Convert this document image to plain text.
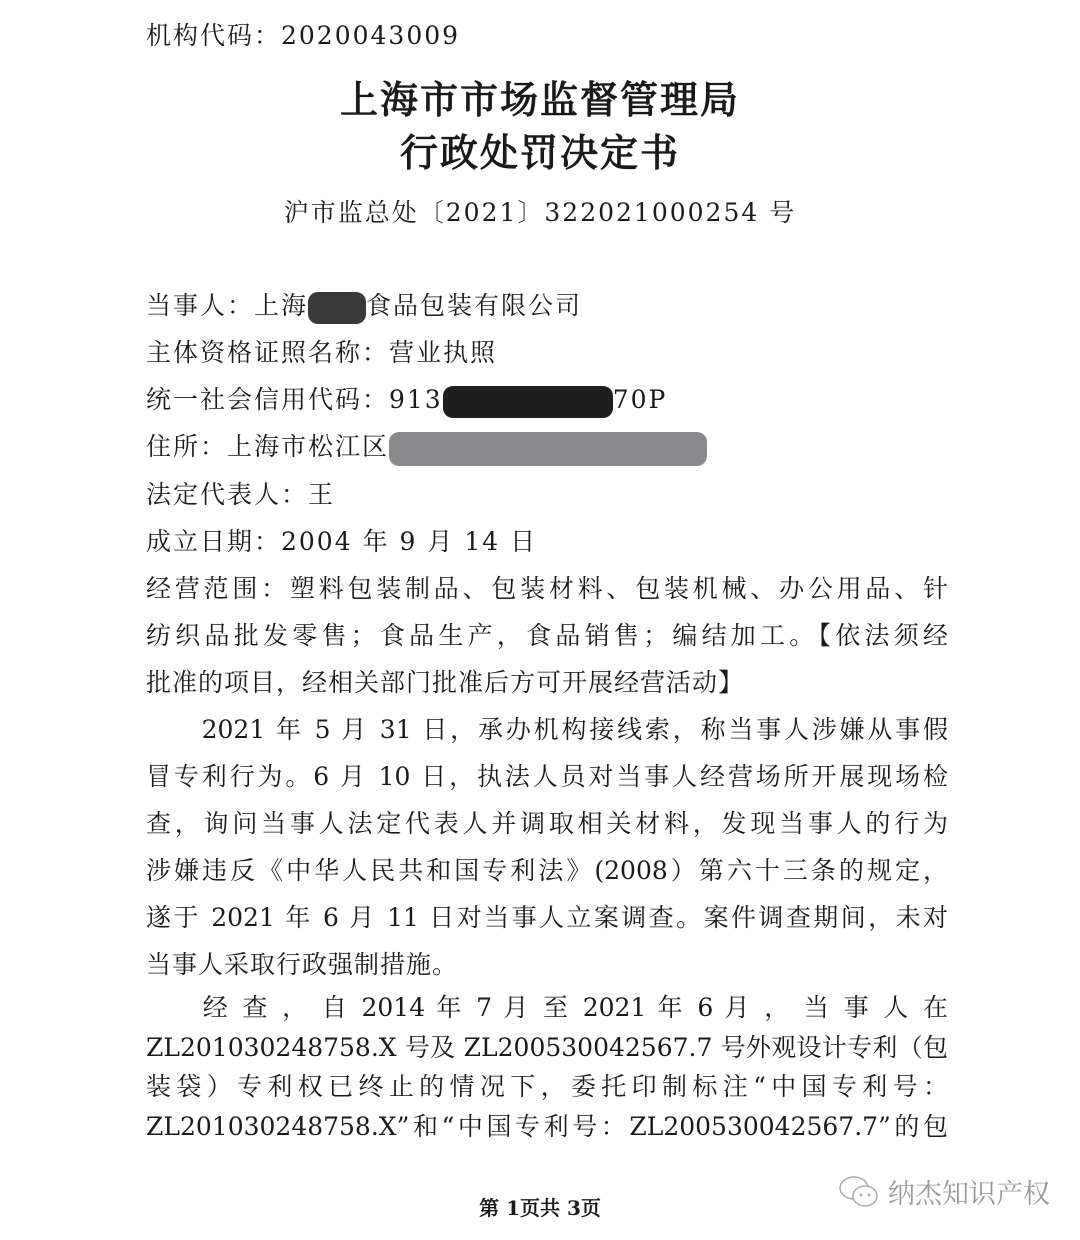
机构代码：2020043009
上海市市场监督管理局
行政处罚决定书
沪市监总处〔2021〕322021000254 号
当事人：上海 食品包装有限公司
主体资格证照名称：营业执照
统一社会信用代码：913	70P
住所：上海市松江区
法定代表人：王
成立日期：2004 年 9 月 14 日
经营范围：塑料包装制品、包装材料、包装机械、办公用品、针
纺织品批发零售；食品生产，食品销售；编结加工。【依法须经
批准的项目，经相关部门批准后方可开展经营活动】
　　2021 年 5 月 31 日，承办机构接线索，称当事人涉嫌从事假
冒专利行为。6 月 10 日，执法人员对当事人经营场所开展现场检
查，询问当事人法定代表人并调取相关材料，发现当事人的行为
涉嫌违反《中华人民共和国专利法》(2008）第六十三条的规定，
遂于 2021 年 6 月 11 日对当事人立案调查。案件调查期间，未对
当事人采取行政强制措施。
　　经 查 ， 自 2014 年 7 月 至 2021 年 6 月 ， 当 事 人 在
ZL201030248758.X 号及 ZL200530042567.7 号外观设计专利（包
装袋）专利权已终止的情况下，委托印制标注“中国专利号：
ZL201030248758.X”和“中国专利号：ZL200530042567.7”的包
第 1页共 3页	纳杰知识产权
